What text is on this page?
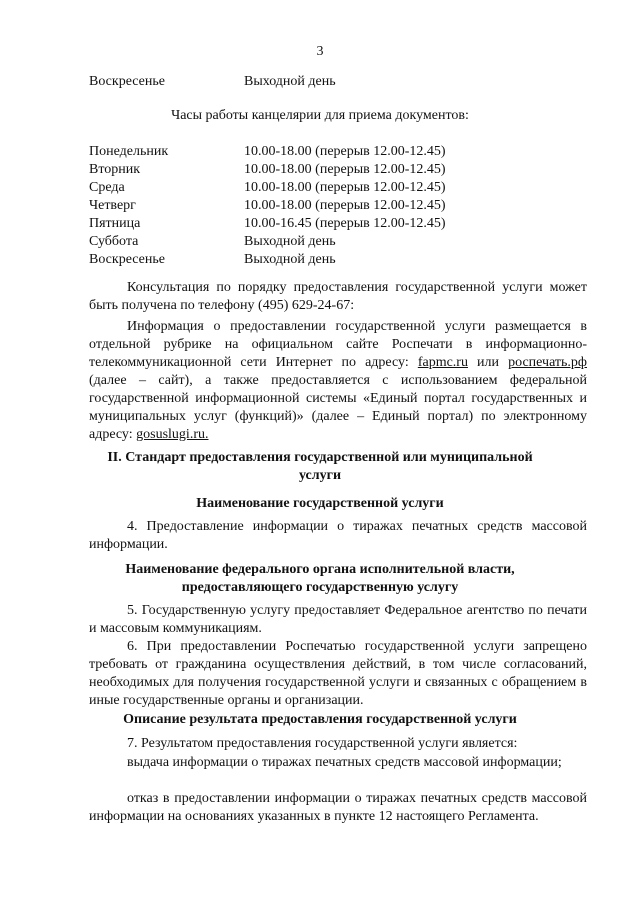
3
Воскресенье	Выходной день
Часы работы канцелярии для приема документов:
Понедельник	10.00-18.00 (перерыв 12.00-12.45)
Вторник	10.00-18.00 (перерыв 12.00-12.45)
Среда	10.00-18.00 (перерыв 12.00-12.45)
Четверг	10.00-18.00 (перерыв 12.00-12.45)
Пятница	10.00-16.45 (перерыв 12.00-12.45)
Суббота	Выходной день
Воскресенье	Выходной день
Консультация по порядку предоставления государственной услуги может быть получена по телефону (495) 629-24-67:
Информация о предоставлении государственной услуги размещается в отдельной рубрике на официальном сайте Роспечати в информационно-телекоммуникационной сети Интернет по адресу: fapmc.ru или роспечать.рф (далее – сайт), а также предоставляется с использованием федеральной государственной информационной системы «Единый портал государственных и муниципальных услуг (функций)» (далее – Единый портал) по электронному адресу: gosuslugi.ru.
II. Стандарт предоставления государственной или муниципальной
услуги
Наименование государственной услуги
4. Предоставление информации о тиражах печатных средств массовой информации.
Наименование федерального органа исполнительной власти,
предоставляющего государственную услугу
5. Государственную услугу предоставляет Федеральное агентство по печати и массовым коммуникациям.
6. При предоставлении Роспечатью государственной услуги запрещено требовать от гражданина осуществления действий, в том числе согласований, необходимых для получения государственной услуги и связанных с обращением в иные государственные органы и организации.
Описание результата предоставления государственной услуги
7. Результатом предоставления государственной услуги является:
выдача информации о тиражах печатных средств массовой информации;
отказ в предоставлении информации о тиражах печатных средств массовой информации на основаниях указанных в пункте 12 настоящего Регламента.
